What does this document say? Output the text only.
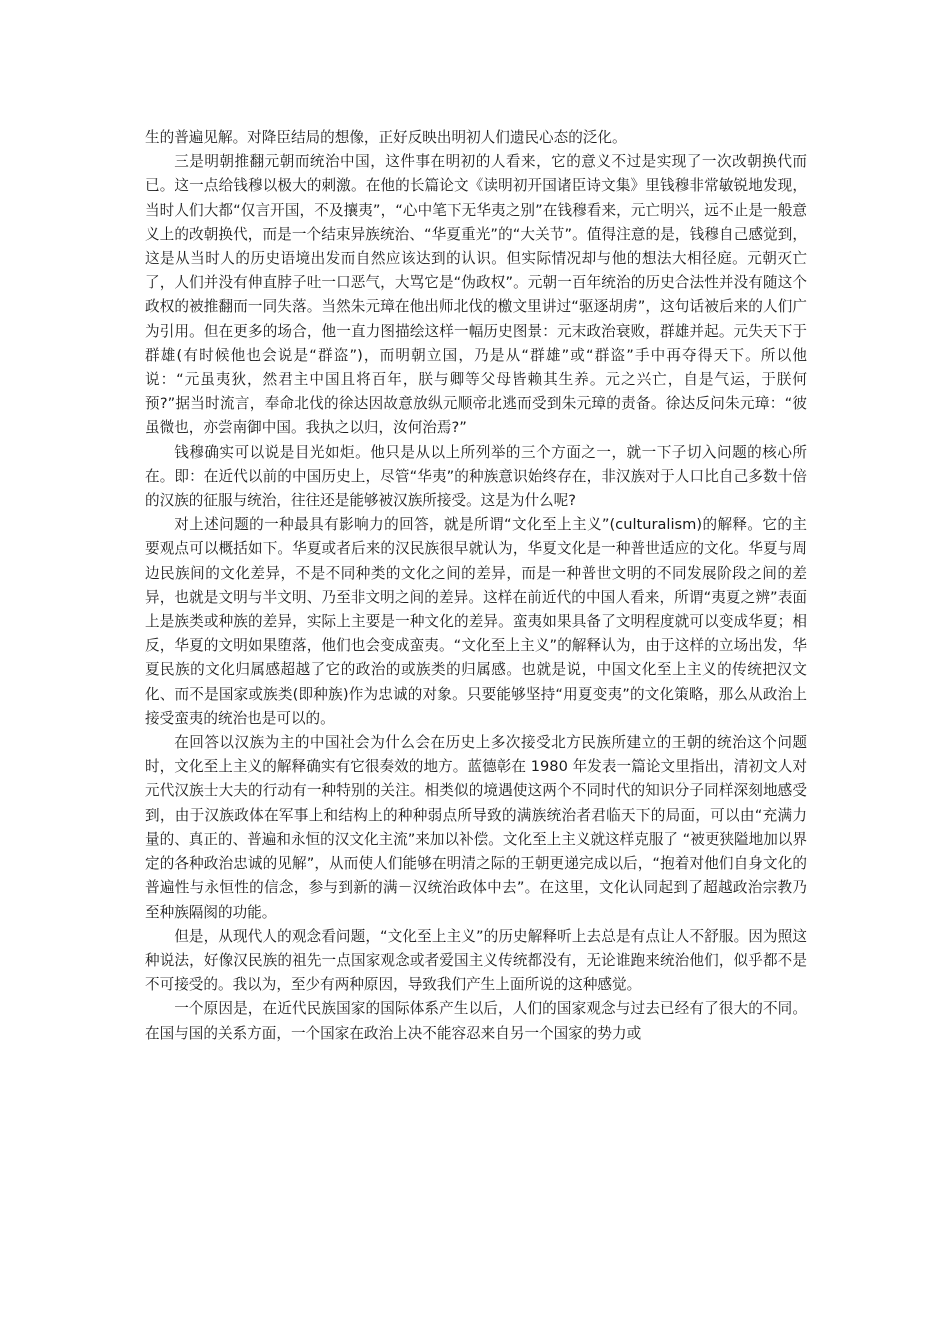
生的普遍见解。对降臣结局的想像，正好反映出明初人们遗民心态的泛化。

三是明朝推翻元朝而统治中国，这件事在明初的人看来，它的意义不过是实现了一次改朝换代而已。这一点给钱穆以极大的刺激。在他的长篇论文《读明初开国诸臣诗文集》里钱穆非常敏锐地发现，当时人们大都“仅言开国，不及攘夷”，“心中笔下无华夷之别”在钱穆看来，元亡明兴，远不止是一般意义上的改朝换代，而是一个结束异族统治、“华夏重光”的“大关节”。值得注意的是，钱穆自己感觉到，这是从当时人的历史语境出发而自然应该达到的认识。但实际情况却与他的想法大相径庭。元朝灭亡了，人们并没有伸直脖子吐一口恶气，大骂它是“伪政权”。元朝一百年统治的历史合法性并没有随这个政权的被推翻而一同失落。当然朱元璋在他出师北伐的檄文里讲过“驱逐胡虏”，这句话被后来的人们广为引用。但在更多的场合，他一直力图描绘这样一幅历史图景：元末政治衰败，群雄并起。元失天下于群雄(有时候他也会说是“群盗”)，而明朝立国，乃是从“群雄”或“群盗”手中再夺得天下。所以他说：“元虽夷狄，然君主中国且将百年，朕与卿等父母皆赖其生养。元之兴亡，自是气运，于朕何预?”据当时流言，奉命北伐的徐达因故意放纵元顺帝北逃而受到朱元璋的责备。徐达反问朱元璋：“彼虽微也，亦尝南御中国。我执之以归，汝何治焉?”

钱穆确实可以说是目光如炬。他只是从以上所列举的三个方面之一，就一下子切入问题的核心所在。即：在近代以前的中国历史上，尽管“华夷”的种族意识始终存在，非汉族对于人口比自己多数十倍的汉族的征服与统治，往往还是能够被汉族所接受。这是为什么呢?

对上述问题的一种最具有影响力的回答，就是所谓“文化至上主义”(culturalism)的解释。它的主要观点可以概括如下。华夏或者后来的汉民族很早就认为，华夏文化是一种普世适应的文化。华夏与周边民族间的文化差异，不是不同种类的文化之间的差异，而是一种普世文明的不同发展阶段之间的差异，也就是文明与半文明、乃至非文明之间的差异。这样在前近代的中国人看来，所谓“夷夏之辨”表面上是族类或种族的差异，实际上主要是一种文化的差异。蛮夷如果具备了文明程度就可以变成华夏；相反，华夏的文明如果堕落，他们也会变成蛮夷。“文化至上主义”的解释认为，由于这样的立场出发，华夏民族的文化归属感超越了它的政治的或族类的归属感。也就是说，中国文化至上主义的传统把汉文化、而不是国家或族类(即种族)作为忠诚的对象。只要能够坚持“用夏变夷”的文化策略，那么从政治上接受蛮夷的统治也是可以的。

在回答以汉族为主的中国社会为什么会在历史上多次接受北方民族所建立的王朝的统治这个问题时，文化至上主义的解释确实有它很奏效的地方。蓝德彰在 1980 年发表一篇论文里指出，清初文人对元代汉族士大夫的行动有一种特别的关注。相类似的境遇使这两个不同时代的知识分子同样深刻地感受到，由于汉族政体在军事上和结构上的种种弱点所导致的满族统治者君临天下的局面，可以由“充满力量的、真正的、普遍和永恒的汉文化主流”来加以补偿。文化至上主义就这样克服了 “被更狭隘地加以界定的各种政治忠诚的见解”，从而使人们能够在明清之际的王朝更递完成以后，“抱着对他们自身文化的普遍性与永恒性的信念，参与到新的满－汉统治政体中去”。在这里，文化认同起到了超越政治宗教乃至种族隔阂的功能。

但是，从现代人的观念看问题，“文化至上主义”的历史解释听上去总是有点让人不舒服。因为照这种说法，好像汉民族的祖先一点国家观念或者爱国主义传统都没有，无论谁跑来统治他们，似乎都不是不可接受的。我以为，至少有两种原因，导致我们产生上面所说的这种感觉。

一个原因是，在近代民族国家的国际体系产生以后，人们的国家观念与过去已经有了很大的不同。在国与国的关系方面，一个国家在政治上决不能容忍来自另一个国家的势力或
